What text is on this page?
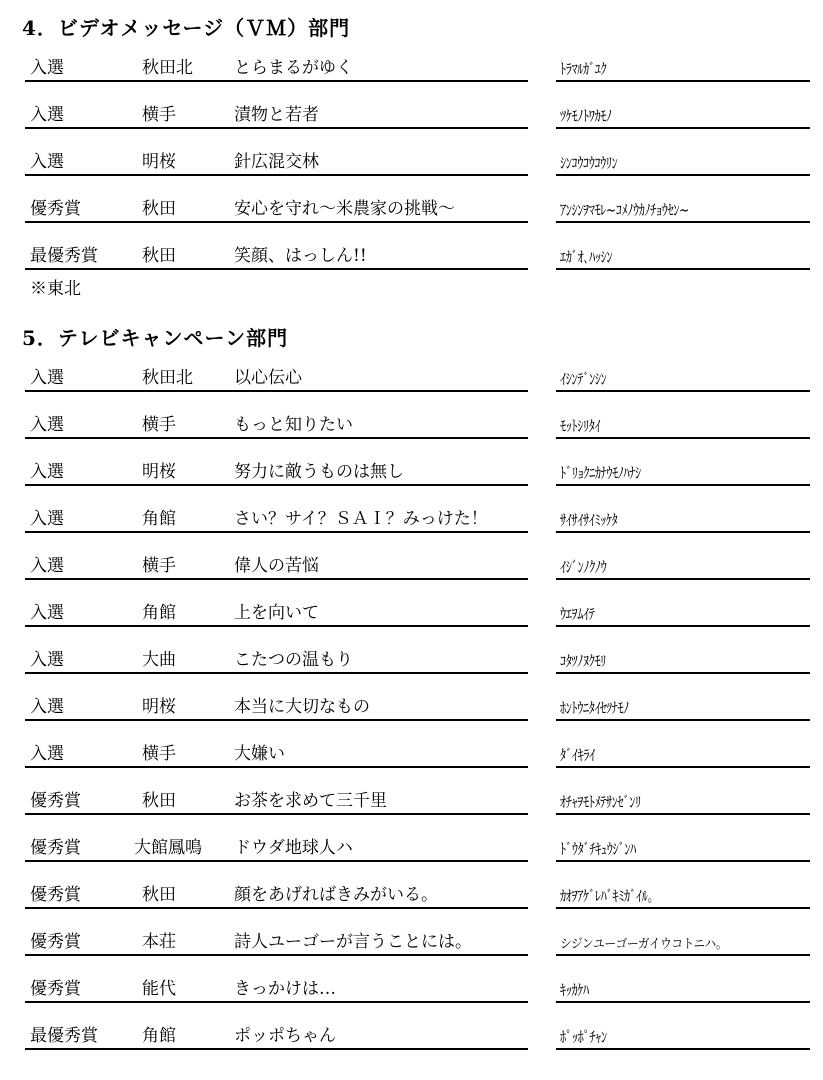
4．ビデオメッセージ（ＶＭ）部門
入選	秋田北 とらまるがゆく	ﾄﾗﾏﾙｶﾞﾕｸ
入選	横手	漬物と若者	ﾂｹﾓﾉﾄﾜｶﾓﾉ
入選	明桜	針広混交林	ｼﾝｺｳｺｳｺｳﾘﾝ
優秀賞	秋田	安心を守れ～米農家の挑戦～	ｱﾝｼﾝｦﾏﾓﾚ~ｺﾒﾉｳｶﾉﾁｮｳｾﾝ~
最優秀賞	秋田	笑顔、はっしん!!	ｴｶﾞｵ､ﾊｯｼﾝ
※東北
5．テレビキャンペーン部門
入選	秋田北 以心伝心	ｲｼﾝﾃﾞﾝｼﾝ
入選	横手	もっと知りたい	ﾓｯﾄｼﾘﾀｲ
入選	明桜	努力に敵うものは無し	ﾄﾞﾘｮｸﾆｶﾅｳﾓﾉﾊﾅｼ
入選	角館	さい？サイ？ＳＡＩ？みっけた！	ｻｲｻｲｻｲﾐｯｹﾀ
入選	横手	偉人の苦悩	ｲｼﾞﾝﾉｸﾉｳ
入選	角館	上を向いて	ｳｴｦﾑｲﾃ
入選	大曲	こたつの温もり	ｺﾀﾂﾉﾇｸﾓﾘ
入選	明桜	本当に大切なもの	ﾎﾝﾄｳﾆﾀｲｾﾂﾅﾓﾉ
入選	横手	大嫌い	ﾀﾞｲｷﾗｲ
優秀賞	秋田	お茶を求めて三千里	ｵﾁｬｦﾓﾄﾒﾃｻﾝｾﾞﾝﾘ
優秀賞	大館鳳鳴 ドウダ地球人ハ	ﾄﾞｳﾀﾞﾁｷｭｳｼﾞﾝﾊ
優秀賞	秋田	顔をあげればきみがいる。	ｶｵｦｱｹﾞﾚﾊﾞｷﾐｶﾞｲﾙ｡
優秀賞	本荘	詩人ユーゴーが言うことには。	シジンユーゴーガイウコトニハ。
優秀賞	能代	きっかけは…	ｷｯｶｹﾊ
最優秀賞	角館	ポッポちゃん	ﾎﾟｯﾎﾟﾁｬﾝ
